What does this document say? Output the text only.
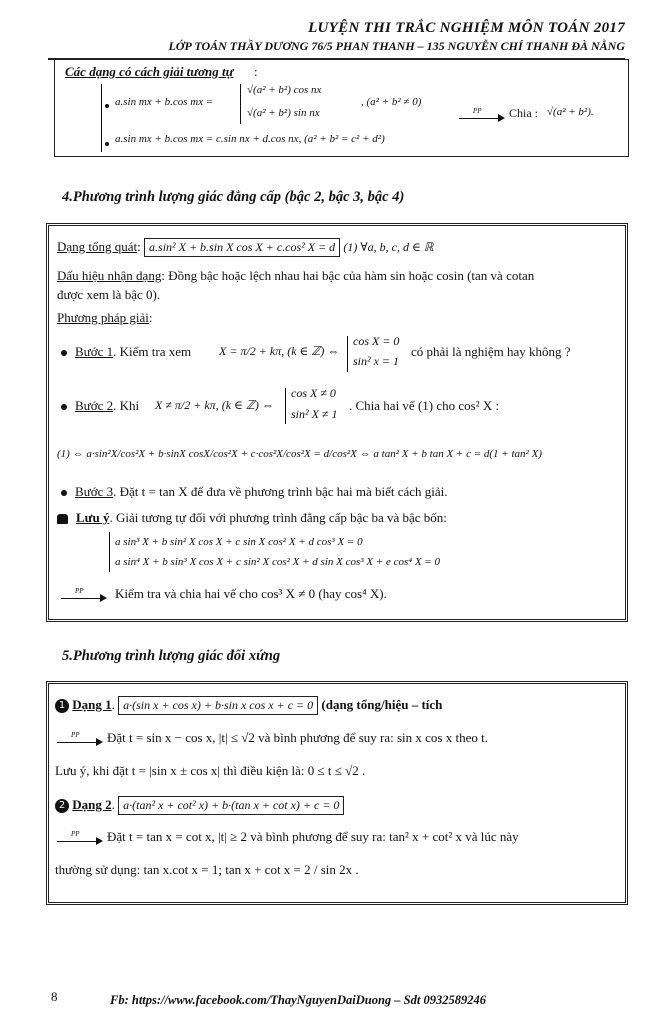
LUYỆN THI TRẮC NGHIỆM MÔN TOÁN 2017
LỚP TOÁN THẦY DƯƠNG 76/5 PHAN THANH – 135 NGUYỄN CHÍ THANH ĐÀ NẴNG
Các dạng có cách giải tương tự :
a.sin mx + b.cos mx =
√(a² + b²) cos nx
√(a² + b²) sin nx
, (a² + b² ≠ 0)
a.sin mx + b.cos mx = c.sin nx + d.cos nx, (a² + b² = c² + d²)
PP Chia : √(a² + b²).
4.Phương trình lượng giác đẳng cấp (bậc 2, bậc 3, bậc 4)
Dạng tổng quát: a.sin² X + b.sin X cos X + c.cos² X = d (1) ∀a, b, c, d ∈ ℝ
Dấu hiệu nhận dạng: Đồng bậc hoặc lệch nhau hai bậc của hàm sin hoặc cosin (tan và cotan
được xem là bậc 0).
Phương pháp giải:
Bước 1. Kiểm tra xem X = π/2 + kπ, (k ∈ ℤ) ⇔
cos X = 0
sin² x = 1
có phải là nghiệm hay không ?
Bước 2. Khi X ≠ π/2 + kπ, (k ∈ ℤ) ⇔
cos X ≠ 0
sin² X ≠ 1
. Chia hai vế (1) cho cos² X :
(1) ⇔ a·sin²X/cos²X + b·sinX cosX/cos²X + c·cos²X/cos²X = d/cos²X ⇔ a tan² X + b tan X + c = d(1 + tan² X)
Bước 3. Đặt t = tan X để đưa về phương trình bậc hai mà biết cách giải.
Lưu ý. Giải tương tự đối với phương trình đẳng cấp bậc ba và bậc bốn:
a sin³ X + b sin² X cos X + c sin X cos² X + d cos³ X = 0
a sin⁴ X + b sin³ X cos X + c sin² X cos² X + d sin X cos³ X + e cos⁴ X = 0
PP Kiểm tra và chia hai vế cho cos³ X ≠ 0 (hay cos⁴ X).
5.Phương trình lượng giác đối xứng
1 Dạng 1. a·(sin x + cos x) + b·sin x cos x + c = 0 (dạng tổng/hiệu – tích
PP Đặt t = sin x − cos x, |t| ≤ √2 và bình phương để suy ra: sin x cos x theo t.
Lưu ý, khi đặt t = |sin x ± cos x| thì điều kiện là: 0 ≤ t ≤ √2 .
2 Dạng 2. a·(tan² x + cot² x) + b·(tan x + cot x) + c = 0
PP Đặt t = tan x = cot x, |t| ≥ 2 và bình phương để suy ra: tan² x + cot² x và lúc này
thường sử dụng: tan x.cot x = 1; tan x + cot x = 2 / sin 2x .
8	Fb: https://www.facebook.com/ThayNguyenDaiDuong – Sdt 0932589246
